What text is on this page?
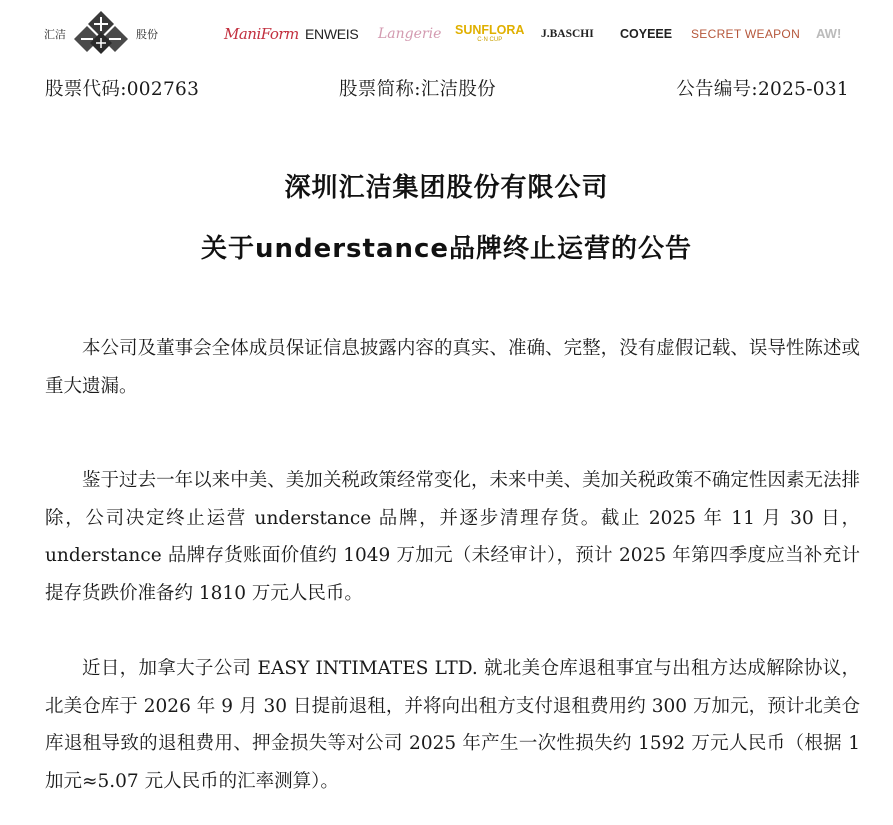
汇洁	股份	ManiForm ENWEIS Langerie SUNFLORA
C·N CUP	J.BASCHI COYEEE SECRET WEAPON AW!
股票代码:002763	股票简称:汇洁股份	公告编号:2025-031
深圳汇洁集团股份有限公司
关于understance品牌终止运营的公告

本公司及董事会全体成员保证信息披露内容的真实、准确、完整，没有虚假记载、误导性陈述或重大遗漏。

鉴于过去一年以来中美、美加关税政策经常变化，未来中美、美加关税政策不确定性因素无法排除，公司决定终止运营 understance 品牌，并逐步清理存货。截止 2025 年 11 月 30 日，understance 品牌存货账面价值约 1049 万加元（未经审计），预计 2025 年第四季度应当补充计提存货跌价准备约 1810 万元人民币。

近日，加拿大子公司 EASY INTIMATES LTD. 就北美仓库退租事宜与出租方达成解除协议，北美仓库于 2026 年 9 月 30 日提前退租，并将向出租方支付退租费用约 300 万加元，预计北美仓库退租导致的退租费用、押金损失等对公司 2025 年产生一次性损失约 1592 万元人民币（根据 1 加元≈5.07 元人民币的汇率测算）。
